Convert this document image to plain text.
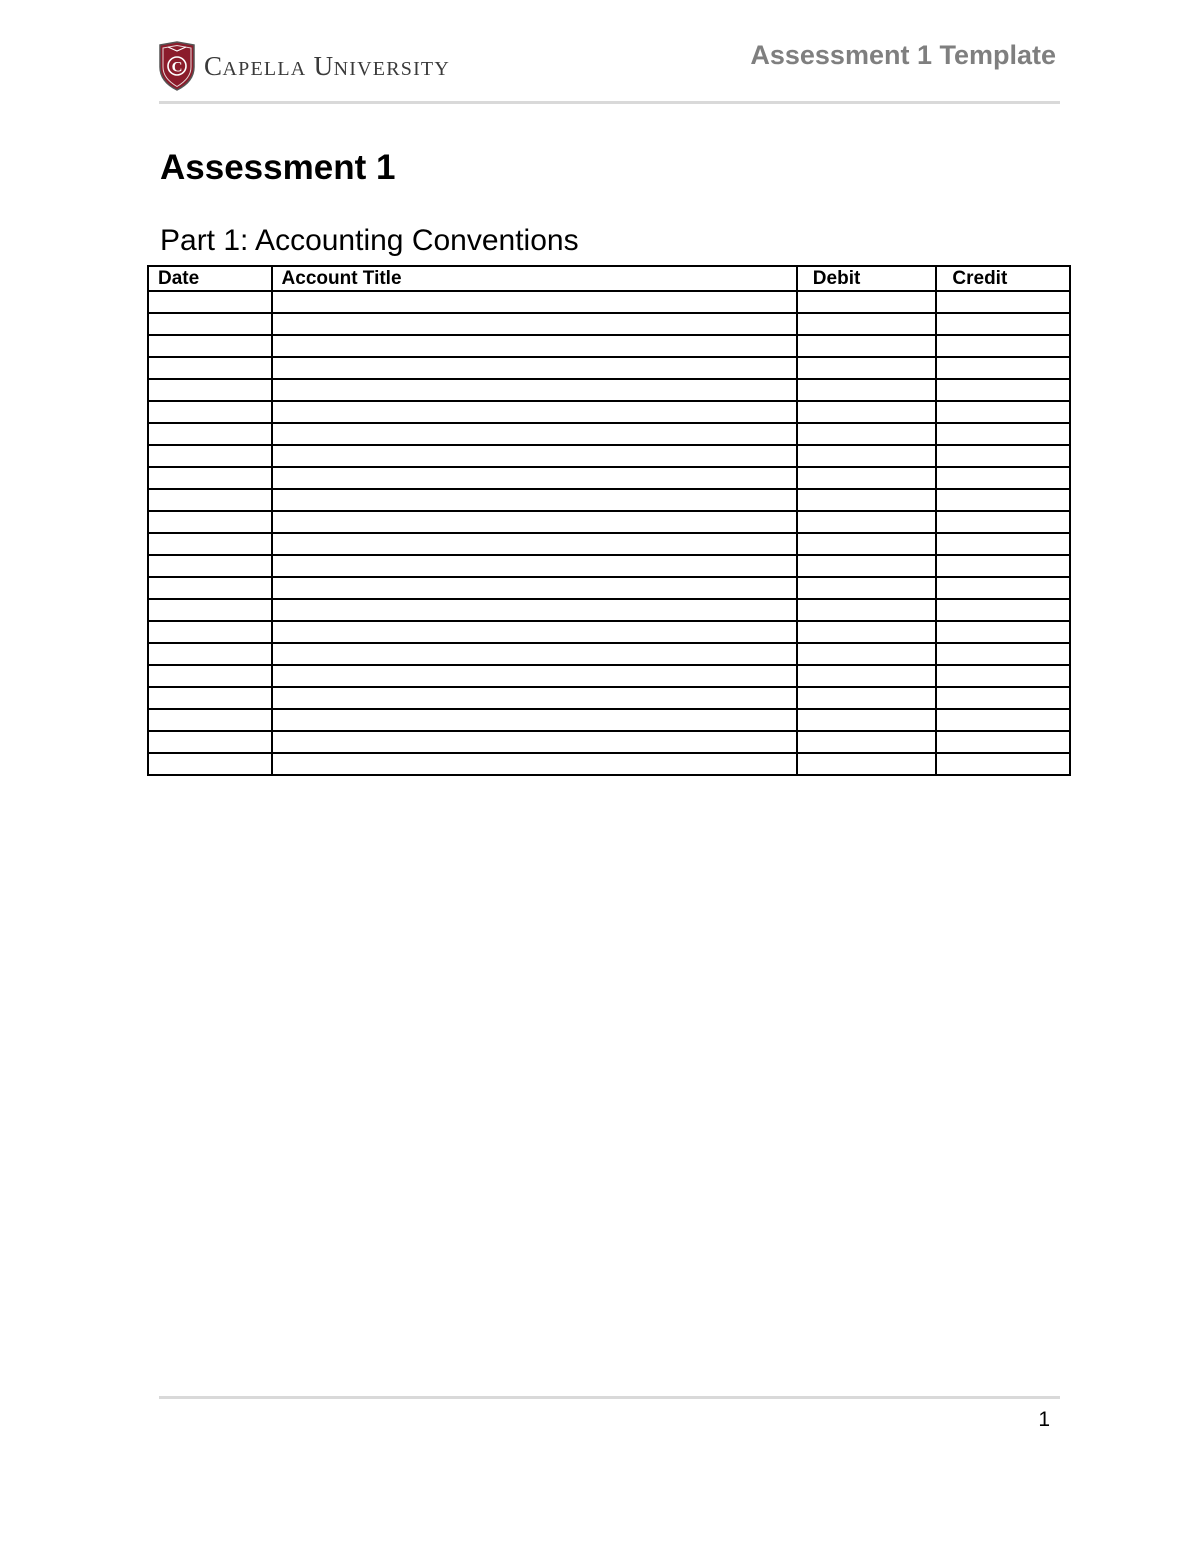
C CAPELLA UNIVERSITY	Assessment 1 Template
Assessment 1
Part 1: Accounting Conventions
Date	Account Title	Debit	Credit

1
